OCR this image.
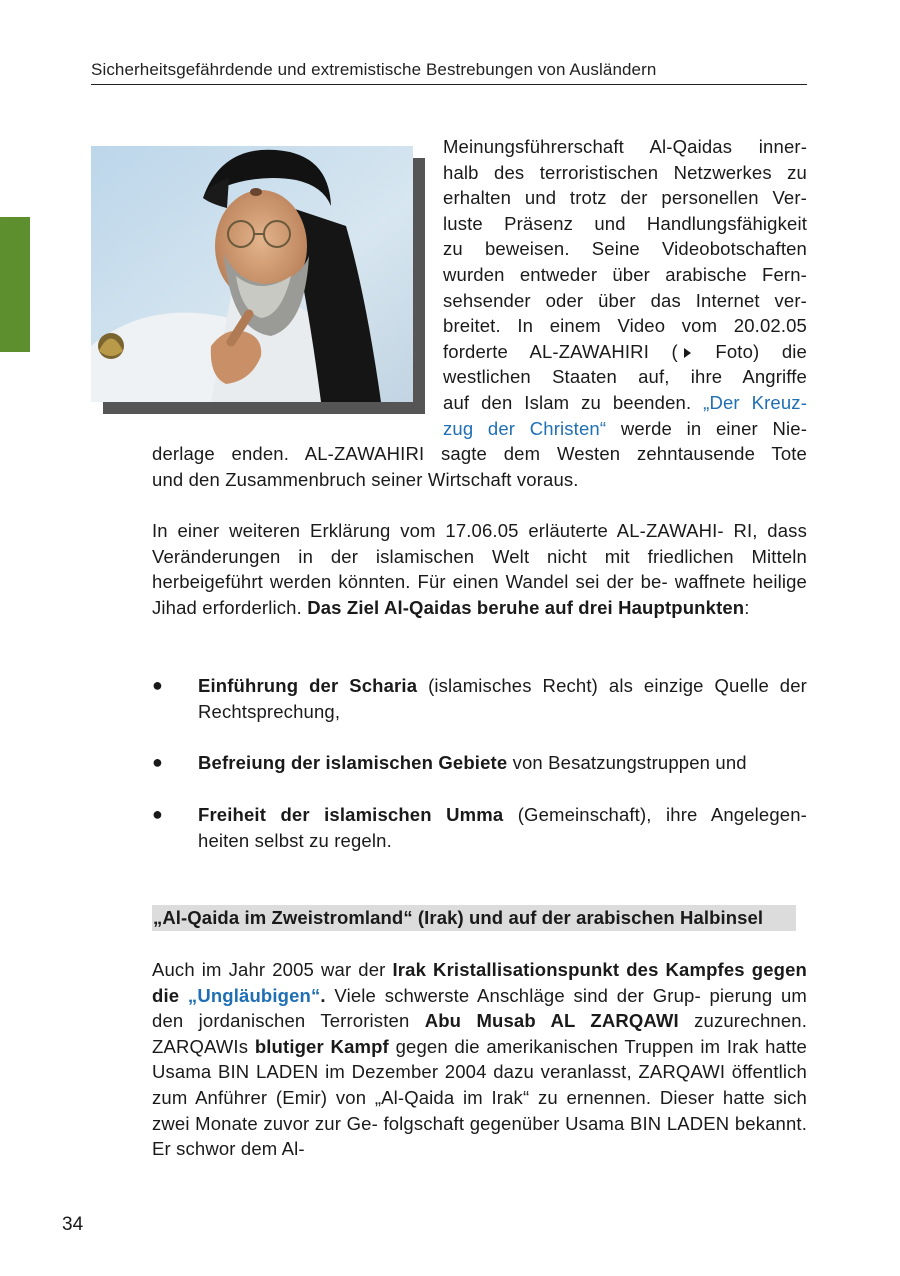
Sicherheitsgefährdende und extremistische Bestrebungen von Ausländern

Meinungsführerschaft Al-Qaidas inner-

halb des terroristischen Netzwerkes zu

erhalten und trotz der personellen Ver-

luste Präsenz und Handlungsfähigkeit

zu beweisen. Seine Videobotschaften

wurden entweder über arabische Fern-

sehsender oder über das Internet ver-

breitet. In einem Video vom 20.02.05

forderte AL-ZAWAHIRI ( Foto) die

westlichen Staaten auf, ihre Angriffe

auf den Islam zu beenden. „Der Kreuz-

zug der Christen“ werde in einer Nie-

derlage enden. AL-ZAWAHIRI sagte dem Westen zehntausende Tote

und den Zusammenbruch seiner Wirtschaft voraus.

In einer weiteren Erklärung vom 17.06.05 erläuterte AL-ZAWAHI- RI, dass Veränderungen in der islamischen Welt nicht mit friedlichen Mitteln herbeigeführt werden könnten. Für einen Wandel sei der be- waffnete heilige Jihad erforderlich. Das Ziel Al-Qaidas beruhe auf drei Hauptpunkten:

● Einführung der Scharia (islamisches Recht) als einzige Quelle der Rechtsprechung,
● Befreiung der islamischen Gebiete von Besatzungstruppen und
● Freiheit der islamischen Umma (Gemeinschaft), ihre Angelegen- heiten selbst zu regeln.
„Al-Qaida im Zweistromland“ (Irak) und auf der arabischen Halbinsel

Auch im Jahr 2005 war der Irak Kristallisationspunkt des Kampfes gegen die „Ungläubigen“. Viele schwerste Anschläge sind der Grup- pierung um den jordanischen Terroristen Abu Musab AL ZARQAWI zuzurechnen. ZARQAWIs blutiger Kampf gegen die amerikanischen Truppen im Irak hatte Usama BIN LADEN im Dezember 2004 dazu veranlasst, ZARQAWI öffentlich zum Anführer (Emir) von „Al-Qaida im Irak“ zu ernennen. Dieser hatte sich zwei Monate zuvor zur Ge- folgschaft gegenüber Usama BIN LADEN bekannt. Er schwor dem Al-

34
